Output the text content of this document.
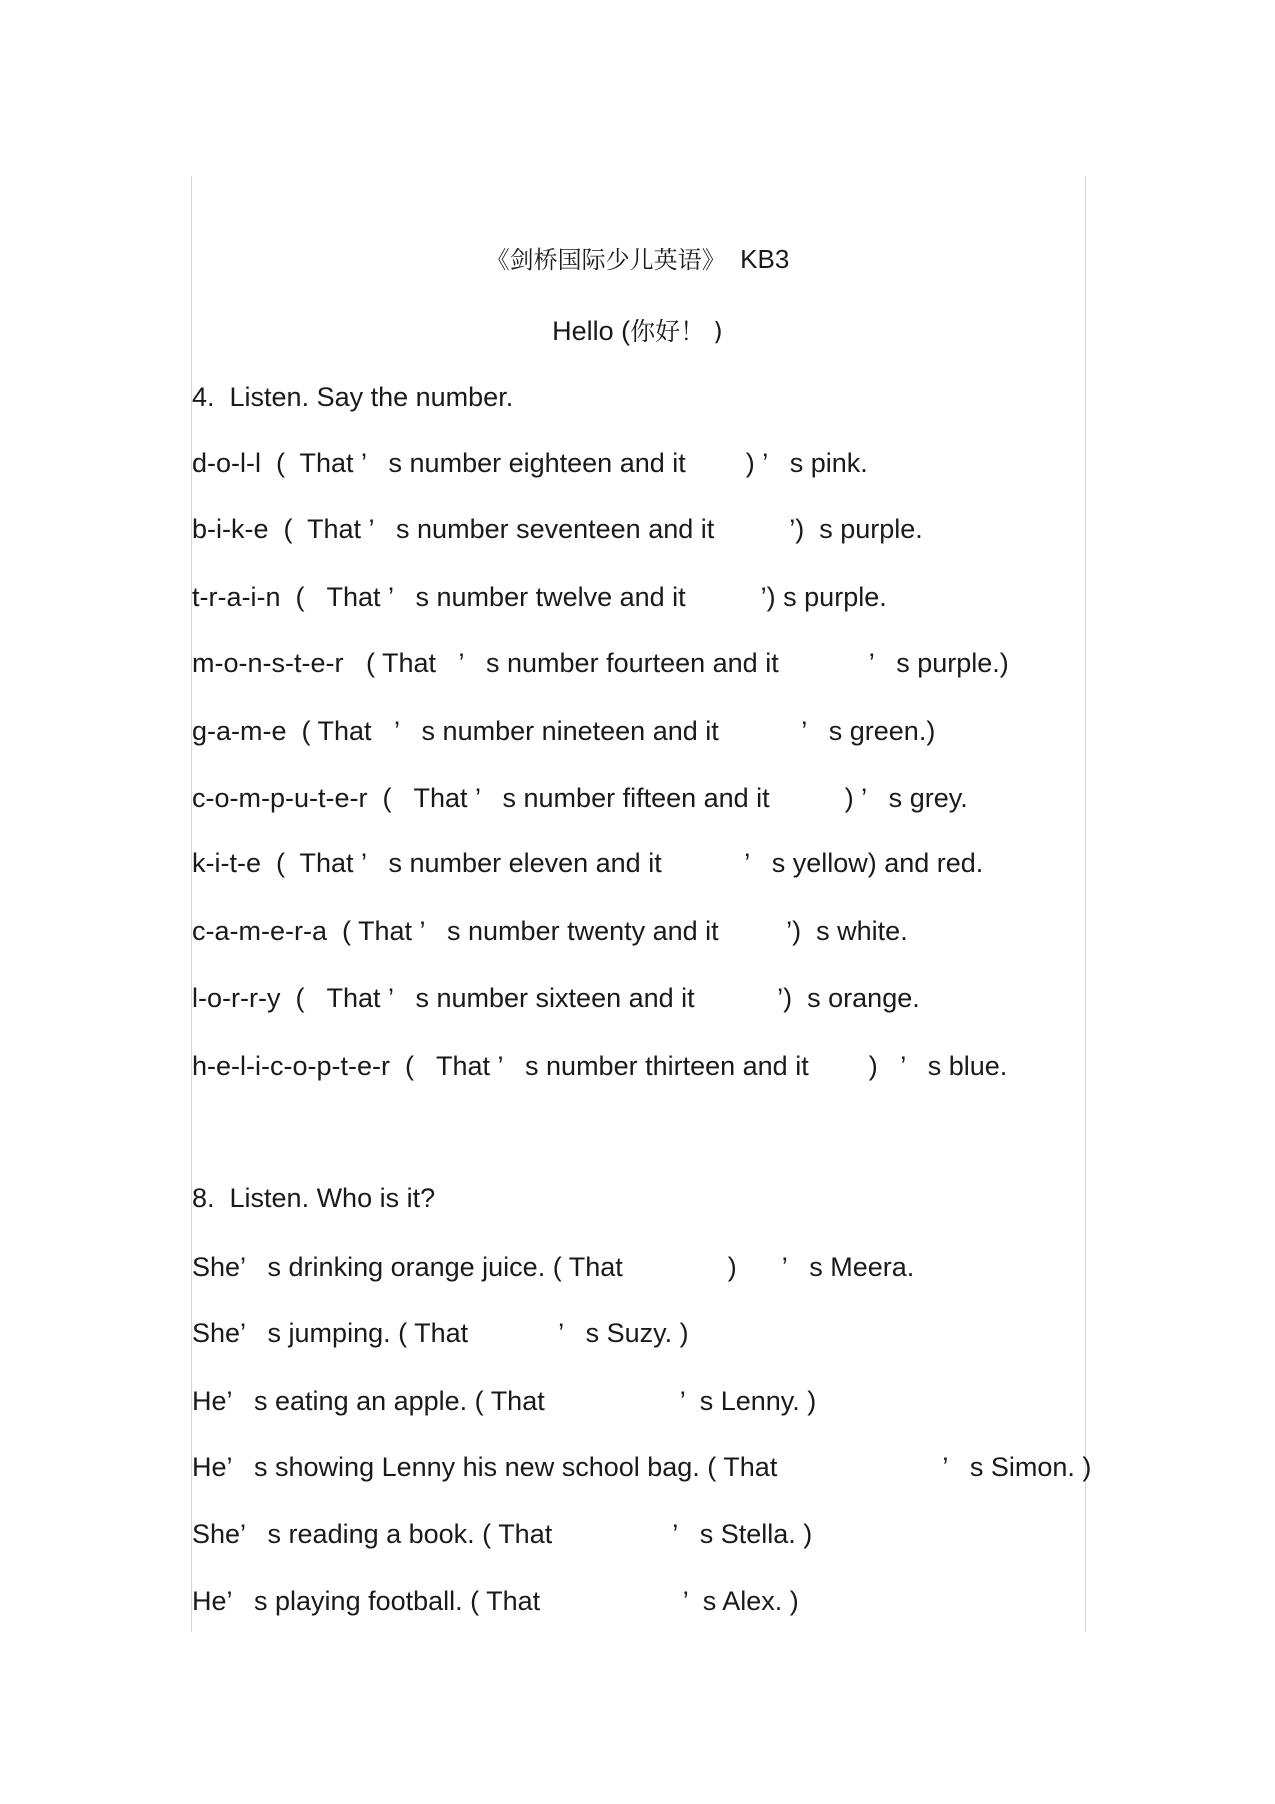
《剑桥国际少儿英语》 KB3
Hello (你好！ )
4.  Listen. Say the number.
d-o-l-l  (  That ’   s number eighteen and it        ) ’   s pink.
b-i-k-e  (  That ’   s number seventeen and it          ’)  s purple.
t-r-a-i-n  (   That ’   s number twelve and it          ’) s purple.
m-o-n-s-t-e-r   ( That   ’   s number fourteen and it            ’   s purple.)
g-a-m-e  ( That   ’   s number nineteen and it           ’   s green.)
c-o-m-p-u-t-e-r  (   That ’   s number fifteen and it          ) ’   s grey.
k-i-t-e  (  That ’   s number eleven and it           ’   s yellow) and red.
c-a-m-e-r-a  ( That ’   s number twenty and it         ’)  s white.
l-o-r-r-y  (   That ’   s number sixteen and it           ’)  s orange.
h-e-l-i-c-o-p-t-e-r  (   That ’   s number thirteen and it        )   ’   s blue.
8.  Listen. Who is it?
She’   s drinking orange juice. ( That              )      ’   s Meera.
She’   s jumping. ( That            ’   s Suzy. )
He’   s eating an apple. ( That                  ’  s Lenny. )
He’   s showing Lenny his new school bag. ( That                      ’   s Simon. )
She’   s reading a book. ( That                ’   s Stella. )
He’   s playing football. ( That                   ’  s Alex. )
